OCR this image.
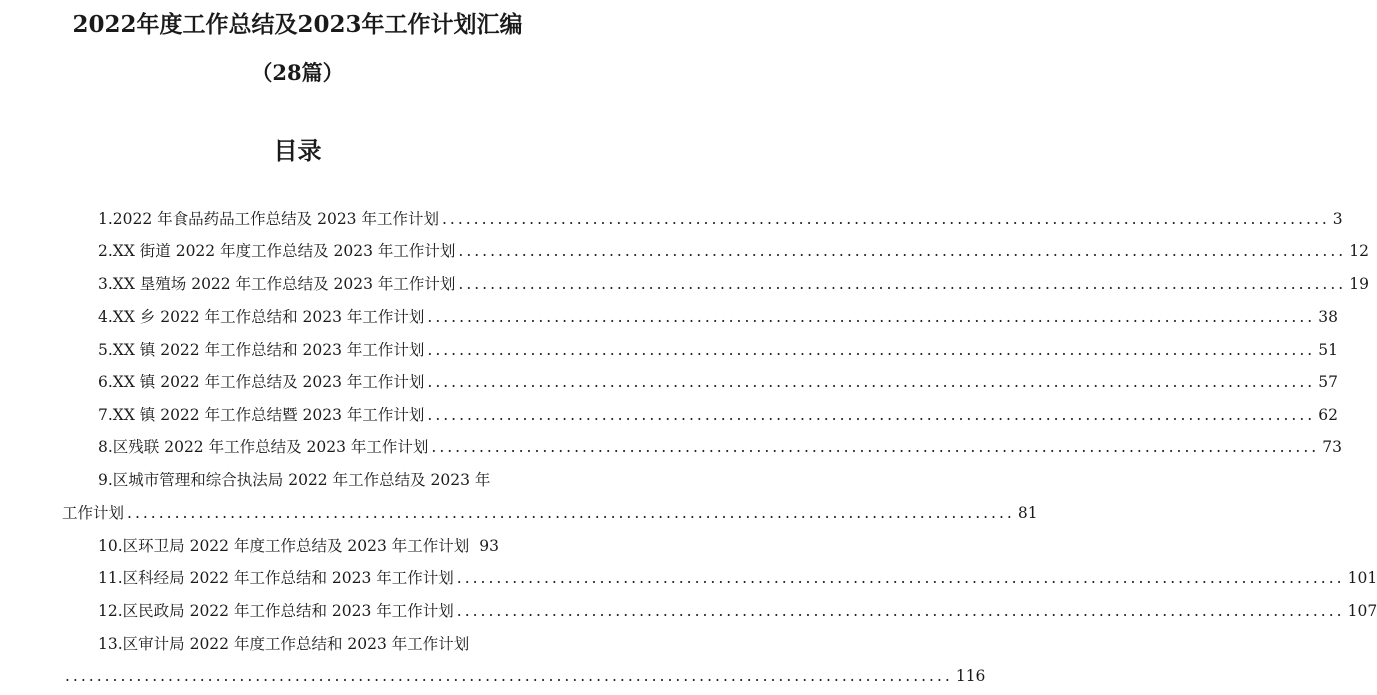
2022年度工作总结及2023年工作计划汇编
（28篇）
目录
1.2022 年食品药品工作总结及 2023 年工作计划 ................................................................................................................ 3
2.XX 街道 2022 年度工作总结及 2023 年工作计划 ................................................................................................................ 12
3.XX 垦殖场 2022 年工作总结及 2023 年工作计划 ................................................................................................................ 19
4.XX 乡 2022 年工作总结和 2023 年工作计划 ................................................................................................................ 38
5.XX 镇 2022 年工作总结和 2023 年工作计划 ................................................................................................................ 51
6.XX 镇 2022 年工作总结及 2023 年工作计划 ................................................................................................................ 57
7.XX 镇 2022 年工作总结暨 2023 年工作计划 ................................................................................................................ 62
8.区残联 2022 年工作总结及 2023 年工作计划 ................................................................................................................ 73
9.区城市管理和综合执法局 2022 年工作总结及 2023 年
工作计划 ................................................................................................................ 81
10.区环卫局 2022 年度工作总结及 2023 年工作计划 93
11.区科经局 2022 年工作总结和 2023 年工作计划 ................................................................................................................ 101
12.区民政局 2022 年工作总结和 2023 年工作计划 ................................................................................................................ 107
13.区审计局 2022 年度工作总结和 2023 年工作计划
................................................................................................................ 116
